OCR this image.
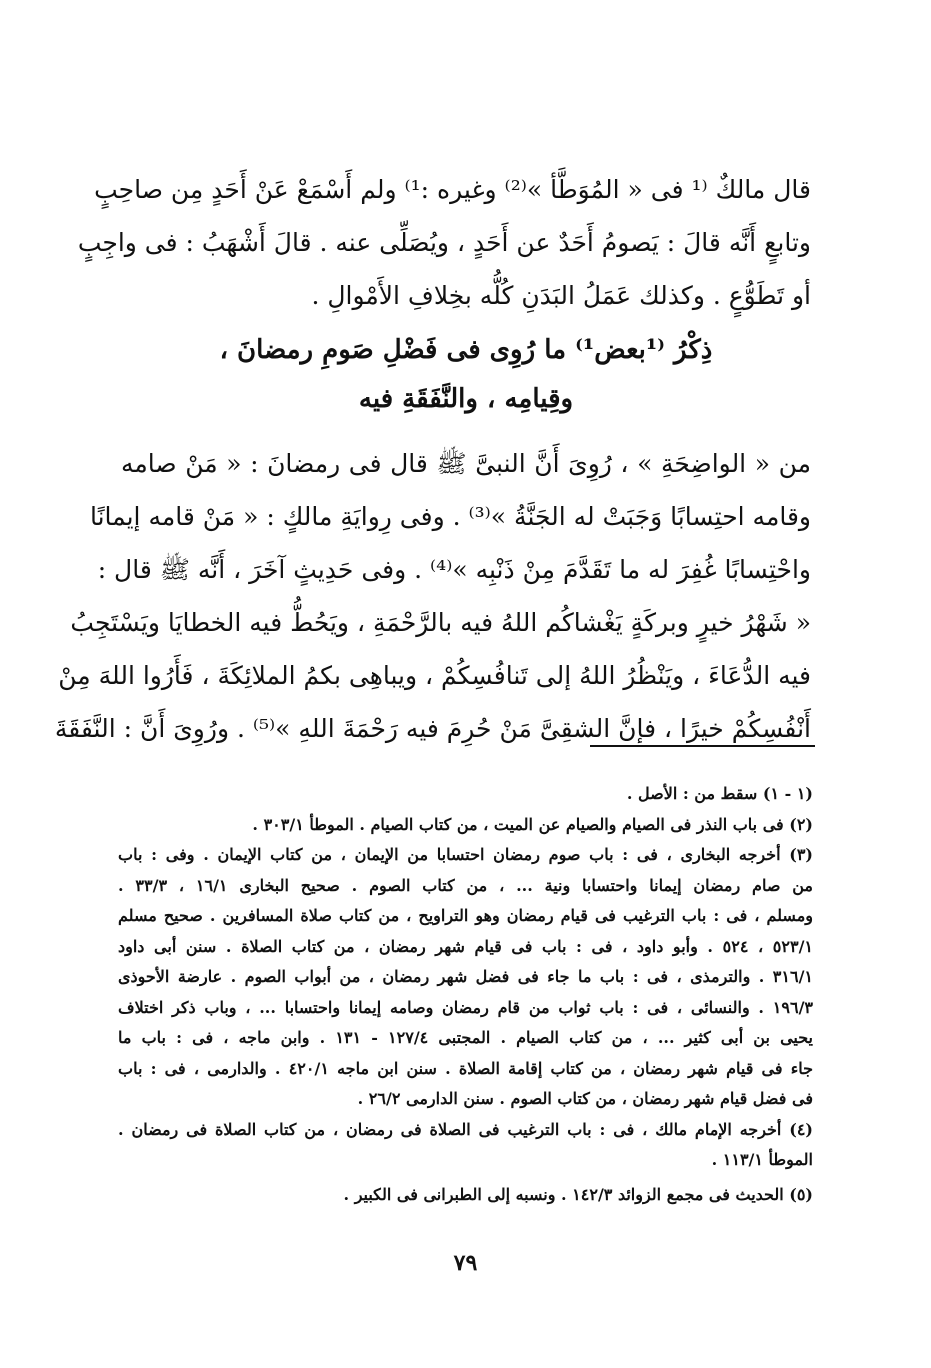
قال مالكٌ ⁽¹ فى « المُوَطَّأ »⁽²⁾ وغيره :¹⁾ ولم أَسْمَعْ عَنْ أَحَدٍ مِن صاحِبٍ
وتابعٍ أَنَّه قالَ : يَصومُ أَحَدٌ عن أَحَدٍ ، ويُصَلِّى عنه . قالَ أَشْهَبُ : فى واجِبٍ
أو تَطَوُّعٍ . وكذلك عَمَلُ البَدَنِ كُلُّه بخِلافِ الأَمْوالِ .
ذِكْرُ ⁽¹بعض¹⁾ ما رُوِى فى فَضْلِ صَومِ رمضانَ ،
وقِيامِه ، والنَّفَقَةِ فيه
من « الواضِحَةِ » ، رُوِىَ أَنَّ النبىَّ ﷺ قال فى رمضانَ : « مَنْ صامه
وقامه احتِسابًا وَجَبَتْ له الجَنَّةُ »⁽³⁾ . وفى رِوايَةِ مالكٍ : « مَنْ قامه إيمانًا
واحْتِسابًا غُفِرَ له ما تَقَدَّمَ مِنْ ذَنْبِه »⁽⁴⁾ . وفى حَدِيثٍ آخَرَ ، أَنَّه ﷺ قال :
« شَهْرُ خيرٍ وبركَةٍ يَغْشاكُم اللهُ فيه بالرَّحْمَةِ ، ويَحُطُّ فيه الخطايَا ويَسْتَجِبُ
فيه الدُّعَاءَ ، ويَنْظُرُ اللهُ إلى تَنافُسِكُمْ ، ويباهِى بكمُ الملائِكَةَ ، فَأَرُوا اللهَ مِنْ
أَنْفُسِكُمْ خيرًا ، فإنَّ الشقِىَّ مَنْ حُرِمَ فيه رَحْمَةَ اللهِ »⁽⁵⁾ . ورُوِىَ أَنَّ : النَّفَقَةَ
(١ - ١) سقط من : الأصل .
(٢) فى باب النذر فى الصيام والصيام عن الميت ، من كتاب الصيام . الموطأ ٣٠٣/١ .
(٣) أخرجه البخارى ، فى : باب صوم رمضان احتسابا من الإيمان ، من كتاب الإيمان . وفى : باب
من صام رمضان إيمانا واحتسابا ونية ... ، من كتاب الصوم . صحيح البخارى ١٦/١ ، ٣٣/٣ .
ومسلم ، فى : باب الترغيب فى قيام رمضان وهو التراويح ، من كتاب صلاة المسافرين . صحيح مسلم
٥٢٣/١ ، ٥٢٤ . وأبو داود ، فى : باب فى قيام شهر رمضان ، من كتاب الصلاة . سنن أبى داود
٣١٦/١ . والترمذى ، فى : باب ما جاء فى فضل شهر رمضان ، من أبواب الصوم . عارضة الأحوذى
١٩٦/٣ . والنسائى ، فى : باب ثواب من قام رمضان وصامه إيمانا واحتسابا ... ، وباب ذكر اختلاف
يحيى بن أبى كثير ... ، من كتاب الصيام . المجتبى ١٢٧/٤ - ١٣١ . وابن ماجه ، فى : باب ما
جاء فى قيام شهر رمضان ، من كتاب إقامة الصلاة . سنن ابن ماجه ٤٢٠/١ . والدارمى ، فى : باب
فى فضل قيام شهر رمضان ، من كتاب الصوم . سنن الدارمى ٢٦/٢ .
(٤) أخرجه الإمام مالك ، فى : باب الترغيب فى الصلاة فى رمضان ، من كتاب الصلاة فى رمضان .
الموطأ ١١٣/١ .
(٥) الحديث فى مجمع الزوائد ١٤٢/٣ . ونسبه إلى الطبرانى فى الكبير .
٧٩
